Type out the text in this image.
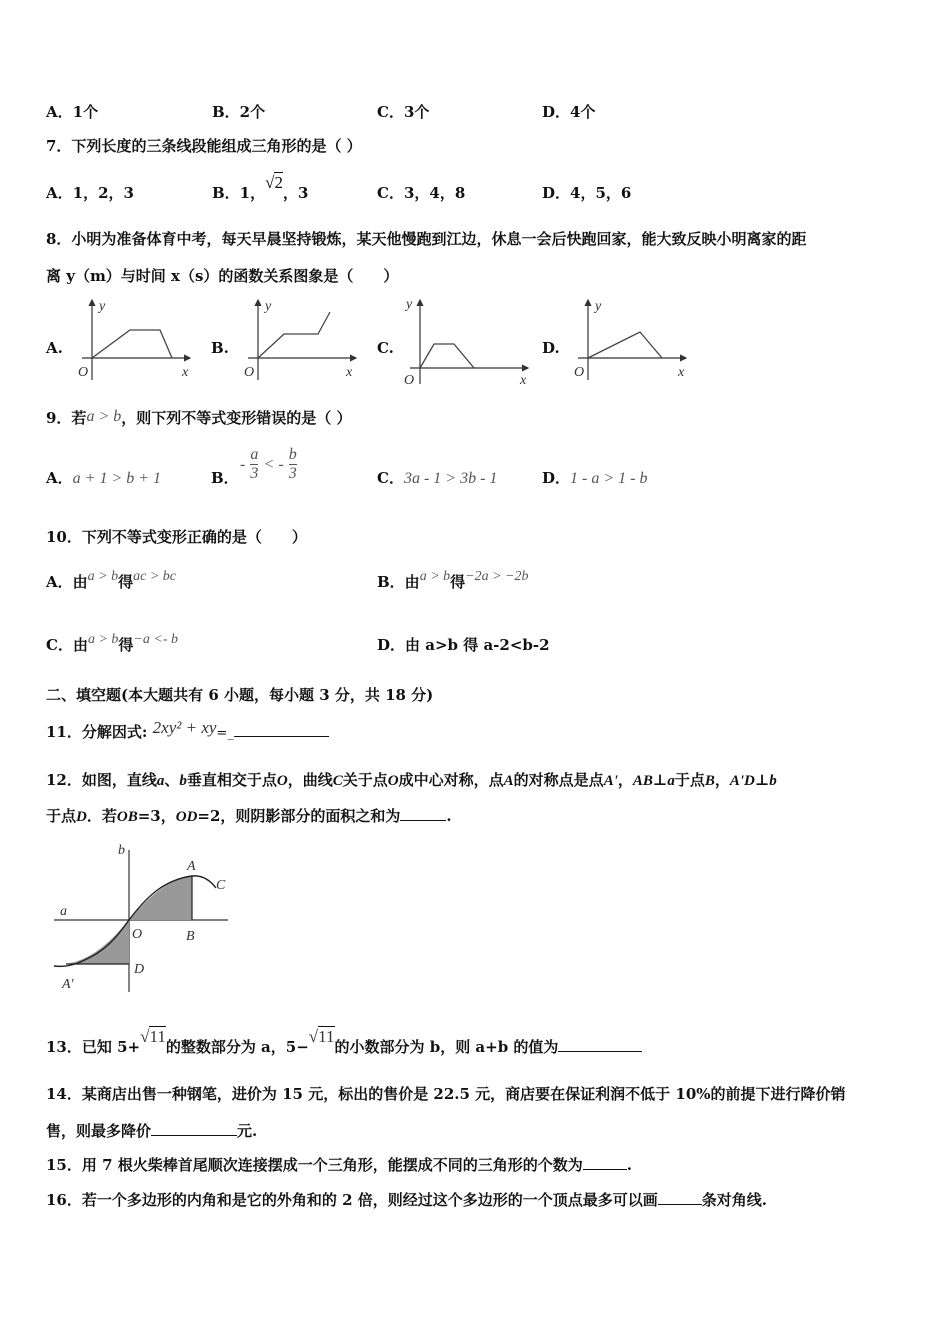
A．1个	B．2个	C．3个	D．4个
7．下列长度的三条线段能组成三角形的是（ ）
A．1，2，3	B．1，√2，3	C．3，4，8	D．4，5，6
8．小明为准备体育中考，每天早晨坚持锻炼，某天他慢跑到江边，休息一会后快跑回家，能大致反映小明离家的距
离 y（m）与时间 x（s）的函数关系图象是（　　）
A.	B.	C.	D.
y
x
O
y
x
O
y
x
O
y
x
O
9．若a > b，则下列不等式变形错误的是（ ）
A．a + 1 > b + 1	B．
- $\frac{a}{3}$ < - $\frac{b}{3}$	C．3a - 1 > 3b - 1	D．1 - a > 1 - b
10．下列不等式变形正确的是（　　）
A．由a > b得ac > bc	B．由a > b得−2a > −2b
C．由a > b得−a <- b	D．由 a>b 得 a-2<b-2
二、填空题(本大题共有 6 小题，每小题 3 分，共 18 分)
11．分解因式: 2xy² + xy=_
12．如图，直线a、b垂直相交于点O，曲线C关于点O成中心对称，点A的对称点是点A'，AB⊥a于点B，A'D⊥b
于点D．若OB=3，OD=2，则阴影部分的面积之和为	.
b
A
C
a
O	B
D
A'
13．已知 5+√11的整数部分为 a，5−√11的小数部分为 b，则 a+b 的值为
14．某商店出售一种钢笔，进价为 15 元，标出的售价是 22.5 元，商店要在保证利润不低于 10%的前提下进行降价销
售，则最多降价	元.
15．用 7 根火柴棒首尾顺次连接摆成一个三角形，能摆成不同的三角形的个数为	.
16．若一个多边形的内角和是它的外角和的 2 倍，则经过这个多边形的一个顶点最多可以画	条对角线.
